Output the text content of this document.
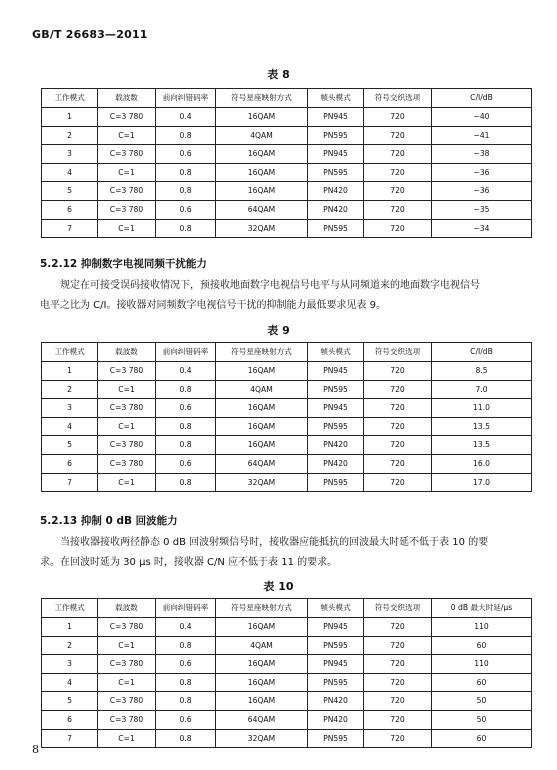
GB/T 26683—2011
表 8
工作模式	载波数	前向纠错码率	符号星座映射方式	帧头模式	符号交织选项	C/I/dB
1	C=3 780	0.4	16QAM	PN945	720	−40
2	C=1	0.8	4QAM	PN595	720	−41
3	C=3 780	0.6	16QAM	PN945	720	−38
4	C=1	0.8	16QAM	PN595	720	−36
5	C=3 780	0.8	16QAM	PN420	720	−36
6	C=3 780	0.6	64QAM	PN420	720	−35
7	C=1	0.8	32QAM	PN595	720	−34
5.2.12 抑制数字电视同频干扰能力

规定在可接受误码接收情况下，预接收地面数字电视信号电平与从同频道来的地面数字电视信号

电平之比为 C/I。接收器对同频数字电视信号干扰的抑制能力最低要求见表 9。

表 9
工作模式	载波数	前向纠错码率	符号星座映射方式	帧头模式	符号交织选项	C/I/dB
1	C=3 780	0.4	16QAM	PN945	720	8.5
2	C=1	0.8	4QAM	PN595	720	7.0
3	C=3 780	0.6	16QAM	PN945	720	11.0
4	C=1	0.8	16QAM	PN595	720	13.5
5	C=3 780	0.8	16QAM	PN420	720	13.5
6	C=3 780	0.6	64QAM	PN420	720	16.0
7	C=1	0.8	32QAM	PN595	720	17.0
5.2.13 抑制 0 dB 回波能力

当接收器接收两径静态 0 dB 回波射频信号时，接收器应能抵抗的回波最大时延不低于表 10 的要

求。在回波时延为 30 μs 时，接收器 C/N 应不低于表 11 的要求。

表 10
工作模式	载波数	前向纠错码率	符号星座映射方式	帧头模式	符号交织选项	0 dB 最大时延/μs
1	C=3 780	0.4	16QAM	PN945	720	110
2	C=1	0.8	4QAM	PN595	720	60
3	C=3 780	0.6	16QAM	PN945	720	110
4	C=1	0.8	16QAM	PN595	720	60
5	C=3 780	0.8	16QAM	PN420	720	50
6	C=3 780	0.6	64QAM	PN420	720	50
7	C=1	0.8	32QAM	PN595	720	60
8
